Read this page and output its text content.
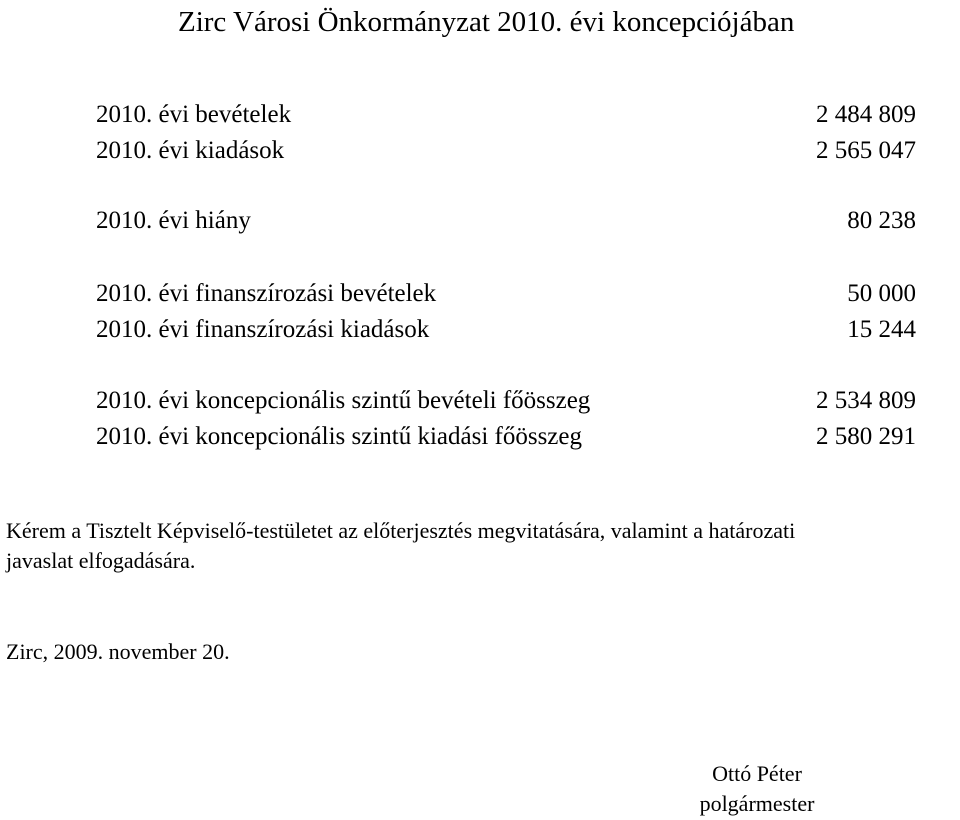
Zirc Városi Önkormányzat 2010. évi koncepciójában
2010. évi bevételek	2 484 809
2010. évi kiadások	2 565 047
2010. évi hiány	80 238
2010. évi finanszírozási bevételek	50 000
2010. évi finanszírozási kiadások	15 244
2010. évi koncepcionális szintű bevételi főösszeg	2 534 809
2010. évi koncepcionális szintű kiadási főösszeg	2 580 291
Kérem a Tisztelt Képviselő-testületet az előterjesztés megvitatására, valamint a határozati
javaslat elfogadására.
Zirc, 2009. november 20.
Ottó Péter
polgármester
